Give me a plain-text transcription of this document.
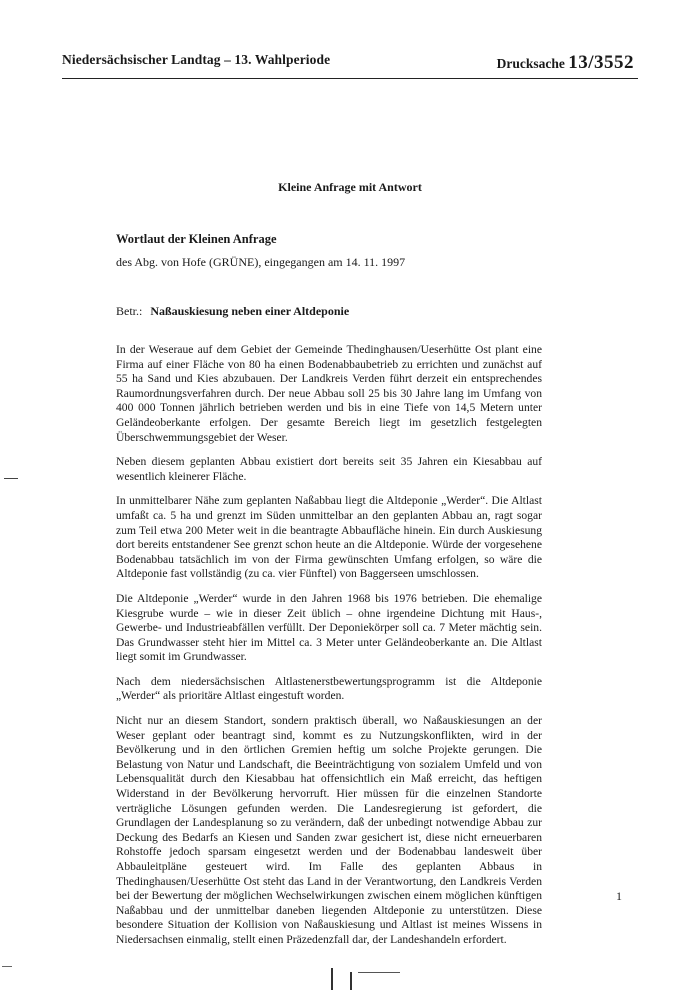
Niedersächsischer Landtag – 13. Wahlperiode	Drucksache 13/3552
Kleine Anfrage mit Antwort
Wortlaut der Kleinen Anfrage
des Abg. von Hofe (GRÜNE), eingegangen am 14. 11. 1997
Betr.: Naßauskiesung neben einer Altdeponie

In der Weseraue auf dem Gebiet der Gemeinde Thedinghausen/Ueserhütte Ost plant eine Firma auf einer Fläche von 80 ha einen Bodenabbaubetrieb zu errichten und zunächst auf 55 ha Sand und Kies abzubauen. Der Landkreis Verden führt derzeit ein entsprechendes Raumordnungsverfahren durch. Der neue Abbau soll 25 bis 30 Jahre lang im Umfang von 400 000 Tonnen jährlich betrieben werden und bis in eine Tiefe von 14,5 Metern unter Geländeoberkante erfolgen. Der gesamte Bereich liegt im gesetzlich festgelegten Überschwemmungsgebiet der Weser.

Neben diesem geplanten Abbau existiert dort bereits seit 35 Jahren ein Kiesabbau auf wesentlich kleinerer Fläche.

In unmittelbarer Nähe zum geplanten Naßabbau liegt die Altdeponie „Werder“. Die Altlast umfaßt ca. 5 ha und grenzt im Süden unmittelbar an den geplanten Abbau an, ragt sogar zum Teil etwa 200 Meter weit in die beantragte Abbaufläche hinein. Ein durch Auskiesung dort bereits entstandener See grenzt schon heute an die Altdeponie. Würde der vorgesehene Bodenabbau tatsächlich im von der Firma gewünschten Umfang erfolgen, so wäre die Altdeponie fast vollständig (zu ca. vier Fünftel) von Baggerseen umschlossen.

Die Altdeponie „Werder“ wurde in den Jahren 1968 bis 1976 betrieben. Die ehemalige Kiesgrube wurde – wie in dieser Zeit üblich – ohne irgendeine Dichtung mit Haus-, Gewerbe- und Industrieabfällen verfüllt. Der Deponiekörper soll ca. 7 Meter mächtig sein. Das Grundwasser steht hier im Mittel ca. 3 Meter unter Geländeoberkante an. Die Altlast liegt somit im Grundwasser.

Nach dem niedersächsischen Altlastenerstbewertungsprogramm ist die Altdeponie „Werder“ als prioritäre Altlast eingestuft worden.

Nicht nur an diesem Standort, sondern praktisch überall, wo Naßauskiesungen an der Weser geplant oder beantragt sind, kommt es zu Nutzungskonflikten, wird in der Bevölkerung und in den örtlichen Gremien heftig um solche Projekte gerungen. Die Belastung von Natur und Landschaft, die Beeinträchtigung von sozialem Umfeld und von Lebensqualität durch den Kiesabbau hat offensichtlich ein Maß erreicht, das heftigen Widerstand in der Bevölkerung hervorruft. Hier müssen für die einzelnen Standorte verträgliche Lösungen gefunden werden. Die Landesregierung ist gefordert, die Grundlagen der Landesplanung so zu verändern, daß der unbedingt notwendige Abbau zur Deckung des Bedarfs an Kiesen und Sanden zwar gesichert ist, diese nicht erneuerbaren Rohstoffe jedoch sparsam eingesetzt werden und der Bodenabbau landesweit über Abbauleitpläne gesteuert wird. Im Falle des geplanten Abbaus in Thedinghausen/Ueserhütte Ost steht das Land in der Verantwortung, den Landkreis Verden bei der Bewertung der möglichen Wechselwirkungen zwischen einem möglichen künftigen Naßabbau und der unmittelbar daneben liegenden Altdeponie zu unterstützen. Diese besondere Situation der Kollision von Naßauskiesung und Altlast ist meines Wissens in Niedersachsen einmalig, stellt einen Präzedenzfall dar, der Landeshandeln erfordert.

1
